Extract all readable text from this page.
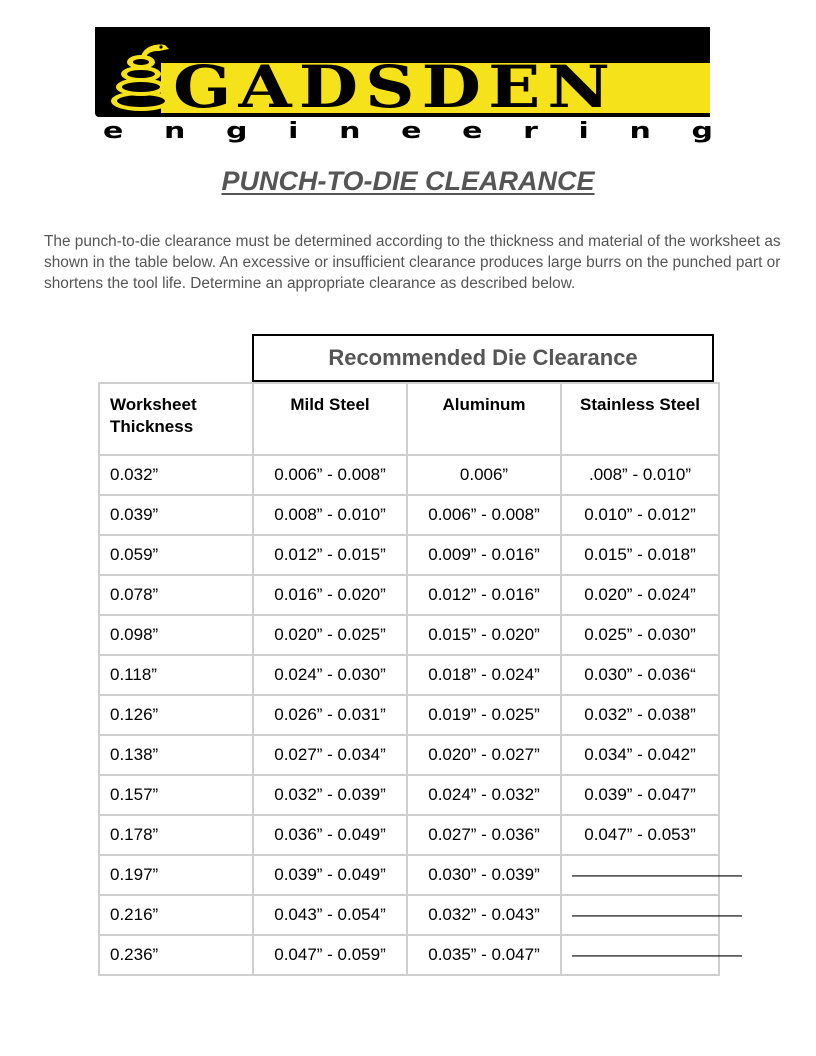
GADSDEN
e n g i n e e r i n g
PUNCH-TO-DIE CLEARANCE

The punch-to-die clearance must be determined according to the thickness and material of the worksheet as shown in the table below. An excessive or insufficient clearance produces large burrs on the punched part or shortens the tool life. Determine an appropriate clearance as described below.

Recommended Die Clearance
Worksheet Thickness	Mild Steel	Aluminum	Stainless Steel
0.032”	0.006” - 0.008”	0.006”	.008” - 0.010”
0.039”	0.008” - 0.010”	0.006” - 0.008”	0.010” - 0.012”
0.059”	0.012” - 0.015”	0.009” - 0.016”	0.015” - 0.018”
0.078”	0.016” - 0.020”	0.012” - 0.016”	0.020” - 0.024”
0.098”	0.020” - 0.025”	0.015” - 0.020”	0.025” - 0.030”
0.118”	0.024” - 0.030”	0.018” - 0.024”	0.030” - 0.036“
0.126”	0.026” - 0.031”	0.019” - 0.025”	0.032” - 0.038”
0.138”	0.027” - 0.034”	0.020” - 0.027”	0.034” - 0.042”
0.157”	0.032” - 0.039”	0.024” - 0.032”	0.039” - 0.047”
0.178”	0.036” - 0.049”	0.027” - 0.036”	0.047” - 0.053”
0.197”	0.039” - 0.049”	0.030” - 0.039”	——————————
0.216”	0.043” - 0.054”	0.032” - 0.043”	——————————
0.236”	0.047” - 0.059”	0.035” - 0.047”	——————————
